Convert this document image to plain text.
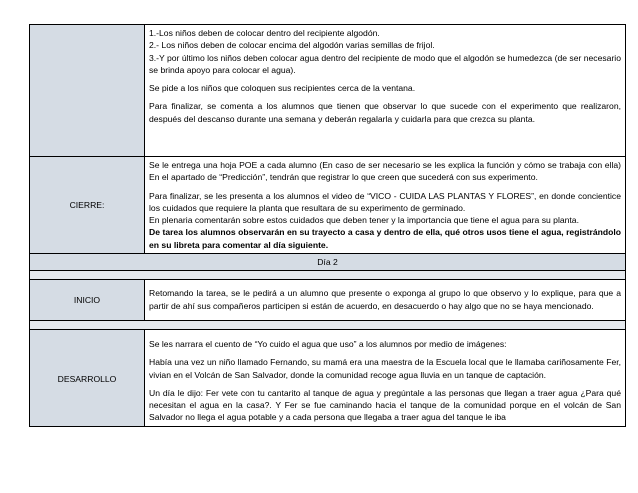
	1.-Los niños deben de colocar dentro del recipiente algodón.

2.- Los niños deben de colocar encima del algodón varias semillas de frijol.

3.-Y por último los niños deben colocar agua dentro del recipiente de modo que el algodón se humedezca (de ser necesario se brinda apoyo para colocar el agua).

Se pide a los niños que coloquen sus recipientes cerca de la ventana.

Para finalizar, se comenta a los alumnos que tienen que observar lo que sucede con el experimento que realizaron, después del descanso durante una semana y deberán regalarla y cuidarla para que crezca su planta.

CIERRE:	Se le entrega una hoja POE a cada alumno (En caso de ser necesario se les explica la función y cómo se trabaja con ella) En el apartado de “Predicción”, tendrán que registrar lo que creen que sucederá con sus experimento.

Para finalizar, se les presenta a los alumnos el video de “VICO - CUIDA LAS PLANTAS Y FLORES”, en donde concientice los cuidados que requiere la planta que resultara de su experimento de germinado.

En plenaria comentarán sobre estos cuidados que deben tener y la importancia que tiene el agua para su planta.

De tarea los alumnos observarán en su trayecto a casa y dentro de ella, qué otros usos tiene el agua, registrándolo en su libreta para comentar al día siguiente.

Día 2	

INICIO	Retomando la tarea, se le pedirá a un alumno que presente o exponga al grupo lo que observo y lo explique, para que a partir de ahí sus compañeros participen si están de acuerdo, en desacuerdo o hay algo que no se haya mencionado.

DESARROLLO	Se les narrara el cuento de “Yo cuido el agua que uso” a los alumnos por medio de imágenes:

Había una vez un niño llamado Fernando, su mamá era una maestra de la Escuela local que le llamaba cariñosamente Fer, vivian en el Volcán de San Salvador, donde la comunidad recoge agua lluvia en un tanque de captación.

Un día le dijo: Fer vete con tu cantarito al tanque de agua y pregúntale a las personas que llegan a traer agua ¿Para qué necesitan el agua en la casa?. Y Fer se fue caminando hacia el tanque de la comunidad porque en el volcán de San Salvador no llega el agua potable y a cada persona que llegaba a traer agua del tanque le iba
